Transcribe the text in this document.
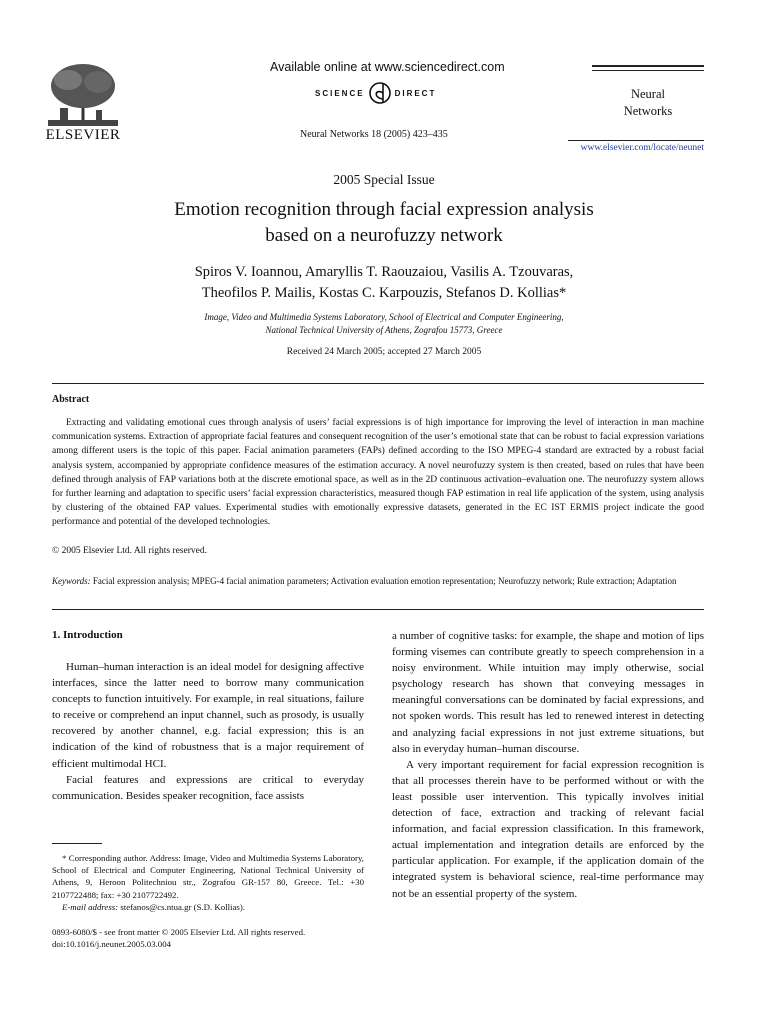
ELSEVIER
Available online at www.sciencedirect.com
SCIENCE	DIRECT
Neural Networks 18 (2005) 423–435
Neural
Networks
www.elsevier.com/locate/neunet
2005 Special Issue
Emotion recognition through facial expression analysis
based on a neurofuzzy network
Spiros V. Ioannou, Amaryllis T. Raouzaiou, Vasilis A. Tzouvaras,
Theofilos P. Mailis, Kostas C. Karpouzis, Stefanos D. Kollias*
Image, Video and Multimedia Systems Laboratory, School of Electrical and Computer Engineering,
National Technical University of Athens, Zografou 15773, Greece
Received 24 March 2005; accepted 27 March 2005
Abstract

Extracting and validating emotional cues through analysis of users’ facial expressions is of high importance for improving the level of interaction in man machine communication systems. Extraction of appropriate facial features and consequent recognition of the user’s emotional state that can be robust to facial expression variations among different users is the topic of this paper. Facial animation parameters (FAPs) defined according to the ISO MPEG-4 standard are extracted by a robust facial analysis system, accompanied by appropriate confidence measures of the estimation accuracy. A novel neurofuzzy system is then created, based on rules that have been defined through analysis of FAP variations both at the discrete emotional space, as well as in the 2D continuous activation–evaluation one. The neurofuzzy system allows for further learning and adaptation to specific users’ facial expression characteristics, measured though FAP estimation in real life application of the system, using analysis by clustering of the obtained FAP values. Experimental studies with emotionally expressive datasets, generated in the EC IST ERMIS project indicate the good performance and potential of the developed technologies.

© 2005 Elsevier Ltd. All rights reserved.
Keywords: Facial expression analysis; MPEG-4 facial animation parameters; Activation evaluation emotion representation; Neurofuzzy network; Rule extraction; Adaptation
1. Introduction

Human–human interaction is an ideal model for designing affective interfaces, since the latter need to borrow many communication concepts to function intuitively. For example, in real situations, failure to receive or comprehend an input channel, such as prosody, is usually recovered by another channel, e.g. facial expression; this is an indication of the kind of robustness that is a major requirement of efficient multimodal HCI.

Facial features and expressions are critical to everyday communication. Besides speaker recognition, face assists

a number of cognitive tasks: for example, the shape and motion of lips forming visemes can contribute greatly to speech comprehension in a noisy environment. While intuition may imply otherwise, social psychology research has shown that conveying messages in meaningful conversations can be dominated by facial expressions, and not spoken words. This result has led to renewed interest in detecting and analyzing facial expressions in not just extreme situations, but also in everyday human–human discourse.

A very important requirement for facial expression recognition is that all processes therein have to be performed without or with the least possible user intervention. This typically involves initial detection of face, extraction and tracking of relevant facial information, and facial expression classification. In this framework, actual implementation and integration details are enforced by the particular application. For example, if the application domain of the integrated system is behavioral science, real-time performance may not be an essential property of the system.

* Corresponding author. Address: Image, Video and Multimedia Systems Laboratory, School of Electrical and Computer Engineering, National Technical University of Athens, 9, Heroon Politechniou str., Zografou GR-157 80, Greece. Tel.: +30 2107722488; fax: +30 2107722492.

E-mail address: stefanos@cs.ntua.gr (S.D. Kollias).

0893-6080/$ - see front matter © 2005 Elsevier Ltd. All rights reserved.
doi:10.1016/j.neunet.2005.03.004
